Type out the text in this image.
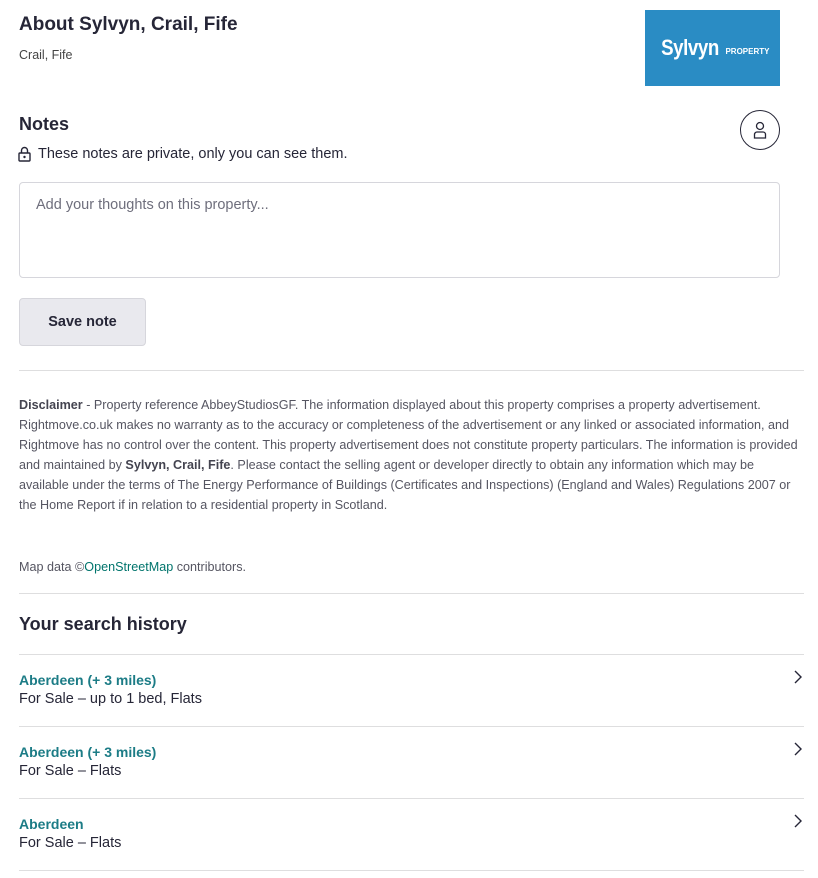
About Sylvyn, Crail, Fife
Crail, Fife	Sylvyn PROPERTY
Notes
These notes are private, only you can see them.
Add your thoughts on this property...
Save note
Disclaimer - Property reference AbbeyStudiosGF. The information displayed about this property comprises a property advertisement. Rightmove.co.uk makes no warranty as to the accuracy or completeness of the advertisement or any linked or associated information, and Rightmove has no control over the content. This property advertisement does not constitute property particulars. The information is provided and maintained by Sylvyn, Crail, Fife. Please contact the selling agent or developer directly to obtain any information which may be available under the terms of The Energy Performance of Buildings (Certificates and Inspections) (England and Wales) Regulations 2007 or the Home Report if in relation to a residential property in Scotland.
Map data ©OpenStreetMap contributors.
Your search history
Aberdeen (+ 3 miles)
For Sale – up to 1 bed, Flats
Aberdeen (+ 3 miles)
For Sale – Flats
Aberdeen
For Sale – Flats
